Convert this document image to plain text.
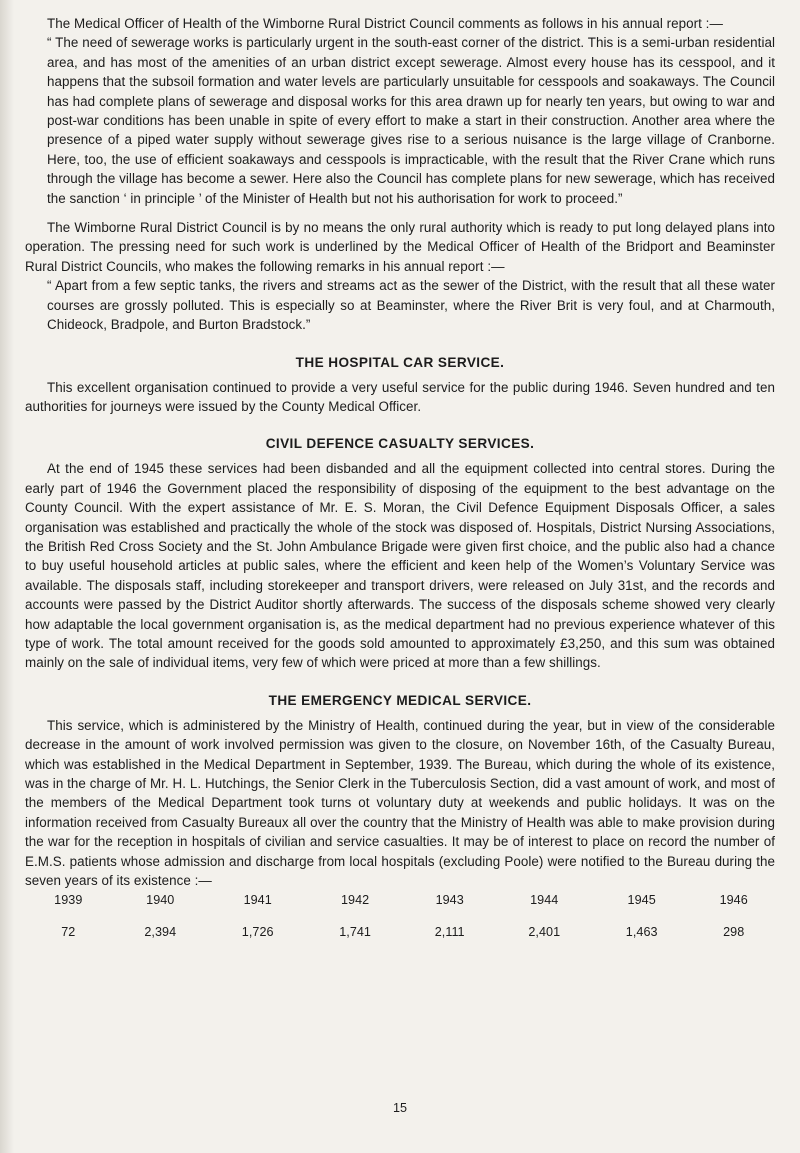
The Medical Officer of Health of the Wimborne Rural District Council comments as follows in his annual report :—

“ The need of sewerage works is particularly urgent in the south-east corner of the district. This is a semi-urban residential area, and has most of the amenities of an urban district except sewerage. Almost every house has its cesspool, and it happens that the subsoil formation and water levels are particularly unsuitable for cesspools and soakaways. The Council has had complete plans of sewerage and disposal works for this area drawn up for nearly ten years, but owing to war and post-war conditions has been unable in spite of every effort to make a start in their construction. Another area where the presence of a piped water supply without sewerage gives rise to a serious nuisance is the large village of Cranborne. Here, too, the use of efficient soakaways and cesspools is impracticable, with the result that the River Crane which runs through the village has become a sewer. Here also the Council has complete plans for new sewerage, which has received the sanction ‘ in principle ’ of the Minister of Health but not his authorisation for work to proceed.”

The Wimborne Rural District Council is by no means the only rural authority which is ready to put long delayed plans into operation. The pressing need for such work is underlined by the Medical Officer of Health of the Bridport and Beaminster Rural District Councils, who makes the following remarks in his annual report :—

“ Apart from a few septic tanks, the rivers and streams act as the sewer of the District, with the result that all these water courses are grossly polluted. This is especially so at Beaminster, where the River Brit is very foul, and at Charmouth, Chideock, Bradpole, and Burton Bradstock.”

THE HOSPITAL CAR SERVICE.

This excellent organisation continued to provide a very useful service for the public during 1946. Seven hundred and ten authorities for journeys were issued by the County Medical Officer.

CIVIL DEFENCE CASUALTY SERVICES.

At the end of 1945 these services had been disbanded and all the equipment collected into central stores. During the early part of 1946 the Government placed the responsibility of disposing of the equipment to the best advantage on the County Council. With the expert assistance of Mr. E. S. Moran, the Civil Defence Equipment Disposals Officer, a sales organisation was established and practically the whole of the stock was disposed of. Hospitals, District Nursing Associations, the British Red Cross Society and the St. John Ambulance Brigade were given first choice, and the public also had a chance to buy useful household articles at public sales, where the efficient and keen help of the Women’s Voluntary Service was available. The disposals staff, including storekeeper and transport drivers, were released on July 31st, and the records and accounts were passed by the District Auditor shortly afterwards. The success of the disposals scheme showed very clearly how adaptable the local government organisation is, as the medical department had no previous experience whatever of this type of work. The total amount received for the goods sold amounted to approximately £3,250, and this sum was obtained mainly on the sale of individual items, very few of which were priced at more than a few shillings.

THE EMERGENCY MEDICAL SERVICE.

This service, which is administered by the Ministry of Health, continued during the year, but in view of the considerable decrease in the amount of work involved permission was given to the closure, on November 16th, of the Casualty Bureau, which was established in the Medical Department in September, 1939. The Bureau, which during the whole of its existence, was in the charge of Mr. H. L. Hutchings, the Senior Clerk in the Tuberculosis Section, did a vast amount of work, and most of the members of the Medical Department took turns ot voluntary duty at weekends and public holidays. It was on the information received from Casualty Bureaux all over the country that the Ministry of Health was able to make provision during the war for the reception in hospitals of civilian and service casualties. It may be of interest to place on record the number of E.M.S. patients whose admission and discharge from local hospitals (excluding Poole) were notified to the Bureau during the seven years of its existence :—

1939	1940	1941	1942	1943	1944	1945	1946

72	2,394	1,726	1,741	2,111	2,401	1,463	298
15
